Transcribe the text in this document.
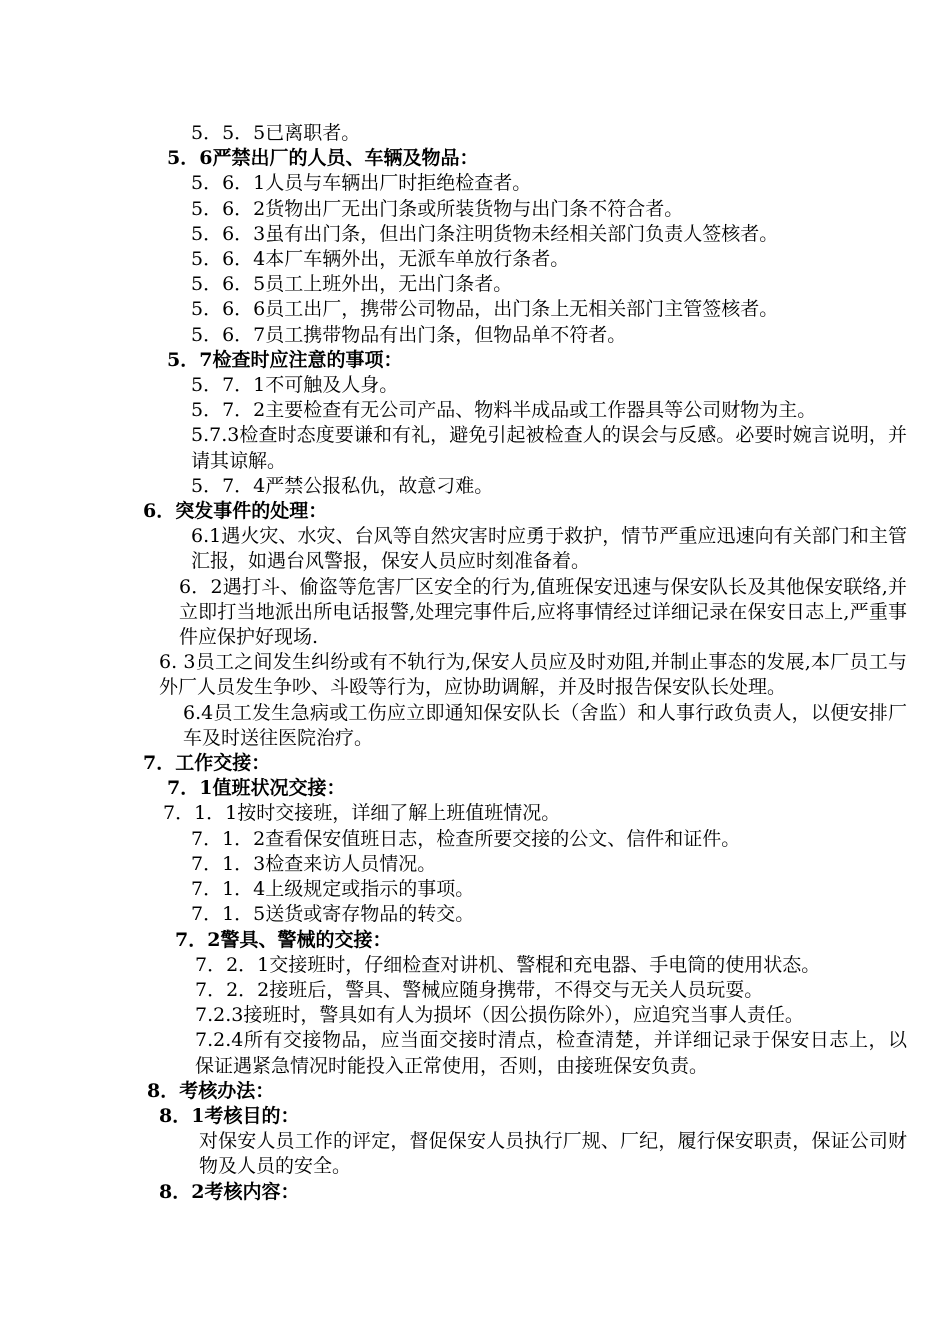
5．5．5已离职者。

5．6严禁出厂的人员、车辆及物品：

5．6．1人员与车辆出厂时拒绝检查者。

5．6．2货物出厂无出门条或所装货物与出门条不符合者。

5．6．3虽有出门条，但出门条注明货物未经相关部门负责人签核者。

5．6．4本厂车辆外出，无派车单放行条者。

5．6．5员工上班外出，无出门条者。

5．6．6员工出厂，携带公司物品，出门条上无相关部门主管签核者。

5．6．7员工携带物品有出门条，但物品单不符者。

5．7检查时应注意的事项：

5．7．1不可触及人身。

5．7．2主要检查有无公司产品、物料半成品或工作器具等公司财物为主。

5.7.3检查时态度要谦和有礼，避免引起被检查人的误会与反感。必要时婉言说明，并请其谅解。

5．7．4严禁公报私仇，故意刁难。

6．突发事件的处理：

6.1遇火灾、水灾、台风等自然灾害时应勇于救护，情节严重应迅速向有关部门和主管汇报，如遇台风警报，保安人员应时刻准备着。

6．2遇打斗、偷盗等危害厂区安全的行为,值班保安迅速与保安队长及其他保安联络,并立即打当地派出所电话报警,处理完事件后,应将事情经过详细记录在保安日志上,严重事件应保护好现场.

6. 3员工之间发生纠纷或有不轨行为,保安人员应及时劝阻,并制止事态的发展,本厂员工与外厂人员发生争吵、斗殴等行为，应协助调解，并及时报告保安队长处理。

6.4员工发生急病或工伤应立即通知保安队长（舍监）和人事行政负责人，以便安排厂车及时送往医院治疗。

7．工作交接：

7．1值班状况交接：

7．1．1按时交接班，详细了解上班值班情况。

7．1．2查看保安值班日志，检查所要交接的公文、信件和证件。

7．1．3检查来访人员情况。

7．1．4上级规定或指示的事项。

7．1．5送货或寄存物品的转交。

7．2警具、警械的交接：

7．2．1交接班时，仔细检查对讲机、警棍和充电器、手电筒的使用状态。

7．2．2接班后，警具、警械应随身携带，不得交与无关人员玩耍。

7.2.3接班时，警具如有人为损坏（因公损伤除外），应追究当事人责任。

7.2.4所有交接物品，应当面交接时清点，检查清楚，并详细记录于保安日志上，以保证遇紧急情况时能投入正常使用，否则，由接班保安负责。

8．考核办法：

8．1考核目的：

对保安人员工作的评定，督促保安人员执行厂规、厂纪，履行保安职责，保证公司财物及人员的安全。

8．2考核内容：
